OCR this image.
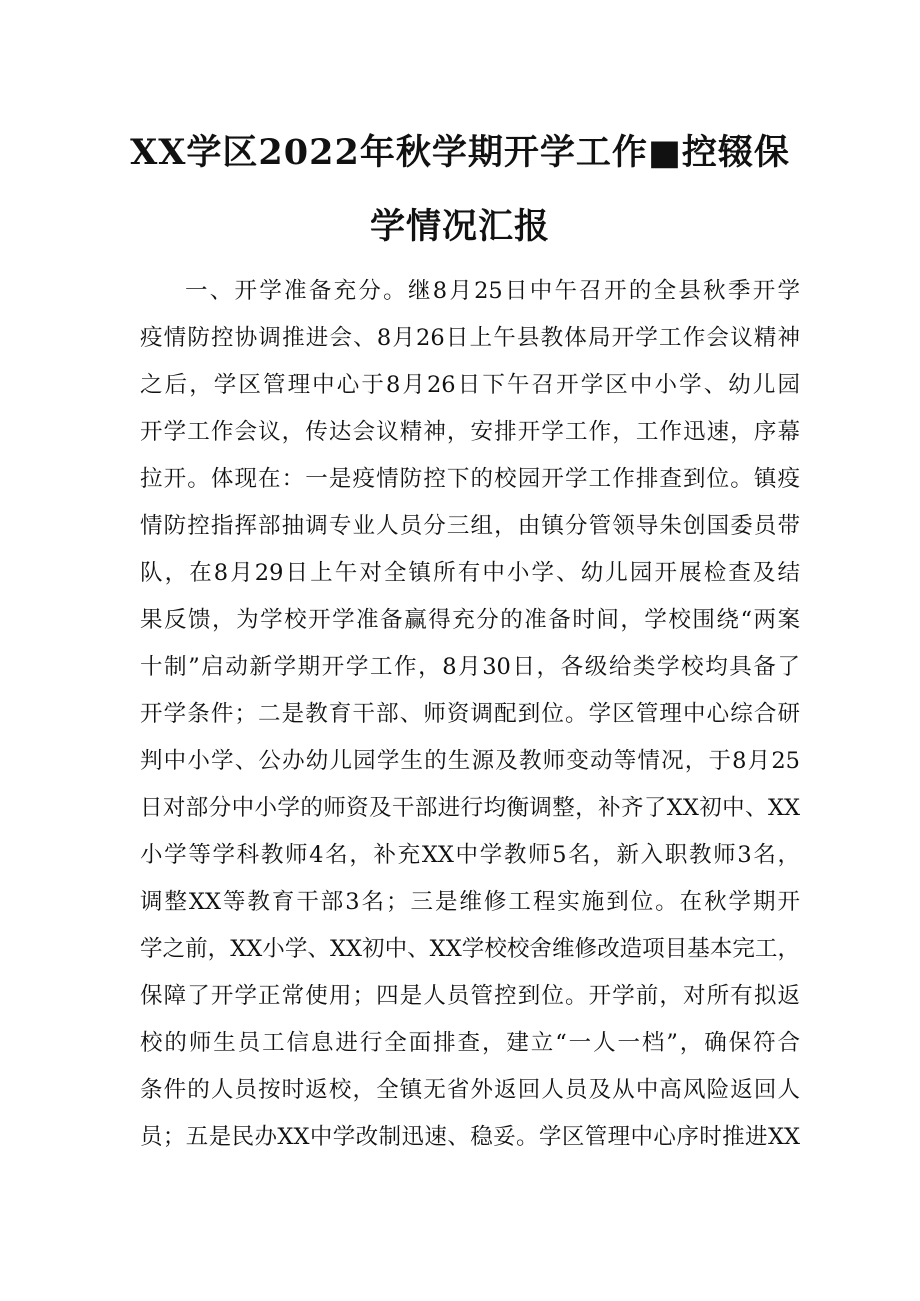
XX学区2022年秋学期开学工作■控辍保
学情况汇报
一、开学准备充分。继8月25日中午召开的全县秋季开学
疫情防控协调推进会、8月26日上午县教体局开学工作会议精神
之后，学区管理中心于8月26日下午召开学区中小学、幼儿园
开学工作会议，传达会议精神，安排开学工作，工作迅速，序幕
拉开。体现在：一是疫情防控下的校园开学工作排查到位。镇疫
情防控指挥部抽调专业人员分三组，由镇分管领导朱创国委员带
队，在8月29日上午对全镇所有中小学、幼儿园开展检查及结
果反馈，为学校开学准备赢得充分的准备时间，学校围绕“两案
十制”启动新学期开学工作，8月30日，各级给类学校均具备了
开学条件；二是教育干部、师资调配到位。学区管理中心综合研
判中小学、公办幼儿园学生的生源及教师变动等情况，于8月25
日对部分中小学的师资及干部进行均衡调整，补齐了XX初中、XX
小学等学科教师4名，补充XX中学教师5名，新入职教师3名，
调整XX等教育干部3名；三是维修工程实施到位。在秋学期开
学之前，XX小学、XX初中、XX学校校舍维修改造项目基本完工，
保障了开学正常使用；四是人员管控到位。开学前，对所有拟返
校的师生员工信息进行全面排查，建立“一人一档”，确保符合
条件的人员按时返校，全镇无省外返回人员及从中高风险返回人
员；五是民办XX中学改制迅速、稳妥。学区管理中心序时推进XX
